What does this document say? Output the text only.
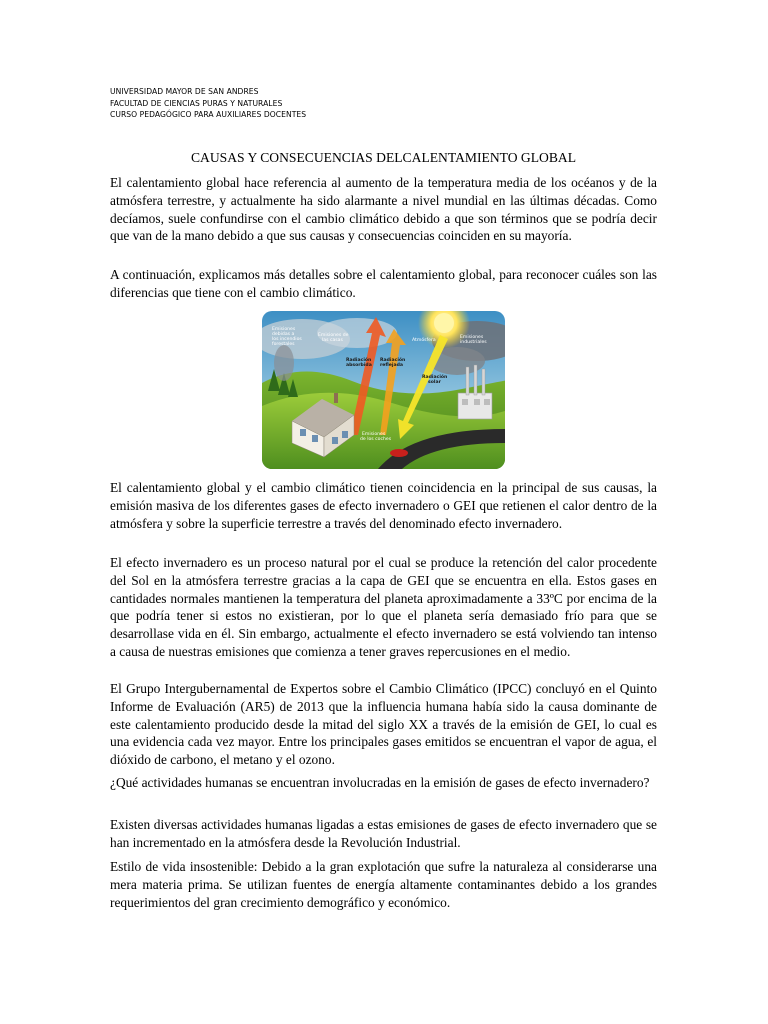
UNIVERSIDAD MAYOR DE SAN ANDRES
FACULTAD DE CIENCIAS PURAS Y NATURALES
CURSO PEDAGÓGICO PARA AUXILIARES DOCENTES
CAUSAS Y CONSECUENCIAS DELCALENTAMIENTO GLOBAL

El calentamiento global hace referencia al aumento de la temperatura media de los océanos y de la atmósfera terrestre, y actualmente ha sido alarmante a nivel mundial en las últimas décadas. Como decíamos, suele confundirse con el cambio climático debido a que son términos que se podría decir que van de la mano debido a que sus causas y consecuencias coinciden en su mayoría.

A continuación, explicamos más detalles sobre el calentamiento global, para reconocer cuáles son las diferencias que tiene con el cambio climático.

Emisiones
debidas a
los incendios
forestales
Emisiones de
las casas	Atmósfera
Emisiones
industriales
Radiación
absorbida
Radiación
reflejada
Radiación
solar
Emisiones
de los coches

El calentamiento global y el cambio climático tienen coincidencia en la principal de sus causas, la emisión masiva de los diferentes gases de efecto invernadero o GEI que retienen el calor dentro de la atmósfera y sobre la superficie terrestre a través del denominado efecto invernadero.

El efecto invernadero es un proceso natural por el cual se produce la retención del calor procedente del Sol en la atmósfera terrestre gracias a la capa de GEI que se encuentra en ella. Estos gases en cantidades normales mantienen la temperatura del planeta aproximadamente a 33ºC por encima de la que podría tener si estos no existieran, por lo que el planeta sería demasiado frío para que se desarrollase vida en él. Sin embargo, actualmente el efecto invernadero se está volviendo tan intenso a causa de nuestras emisiones que comienza a tener graves repercusiones en el medio.

El Grupo Intergubernamental de Expertos sobre el Cambio Climático (IPCC) concluyó en el Quinto Informe de Evaluación (AR5) de 2013 que la influencia humana había sido la causa dominante de este calentamiento producido desde la mitad del siglo XX a través de la emisión de GEI, lo cual es una evidencia cada vez mayor. Entre los principales gases emitidos se encuentran el vapor de agua, el dióxido de carbono, el metano y el ozono.

¿Qué actividades humanas se encuentran involucradas en la emisión de gases de efecto invernadero?

Existen diversas actividades humanas ligadas a estas emisiones de gases de efecto invernadero que se han incrementado en la atmósfera desde la Revolución Industrial.

Estilo de vida insostenible: Debido a la gran explotación que sufre la naturaleza al considerarse una mera materia prima. Se utilizan fuentes de energía altamente contaminantes debido a los grandes requerimientos del gran crecimiento demográfico y económico.
